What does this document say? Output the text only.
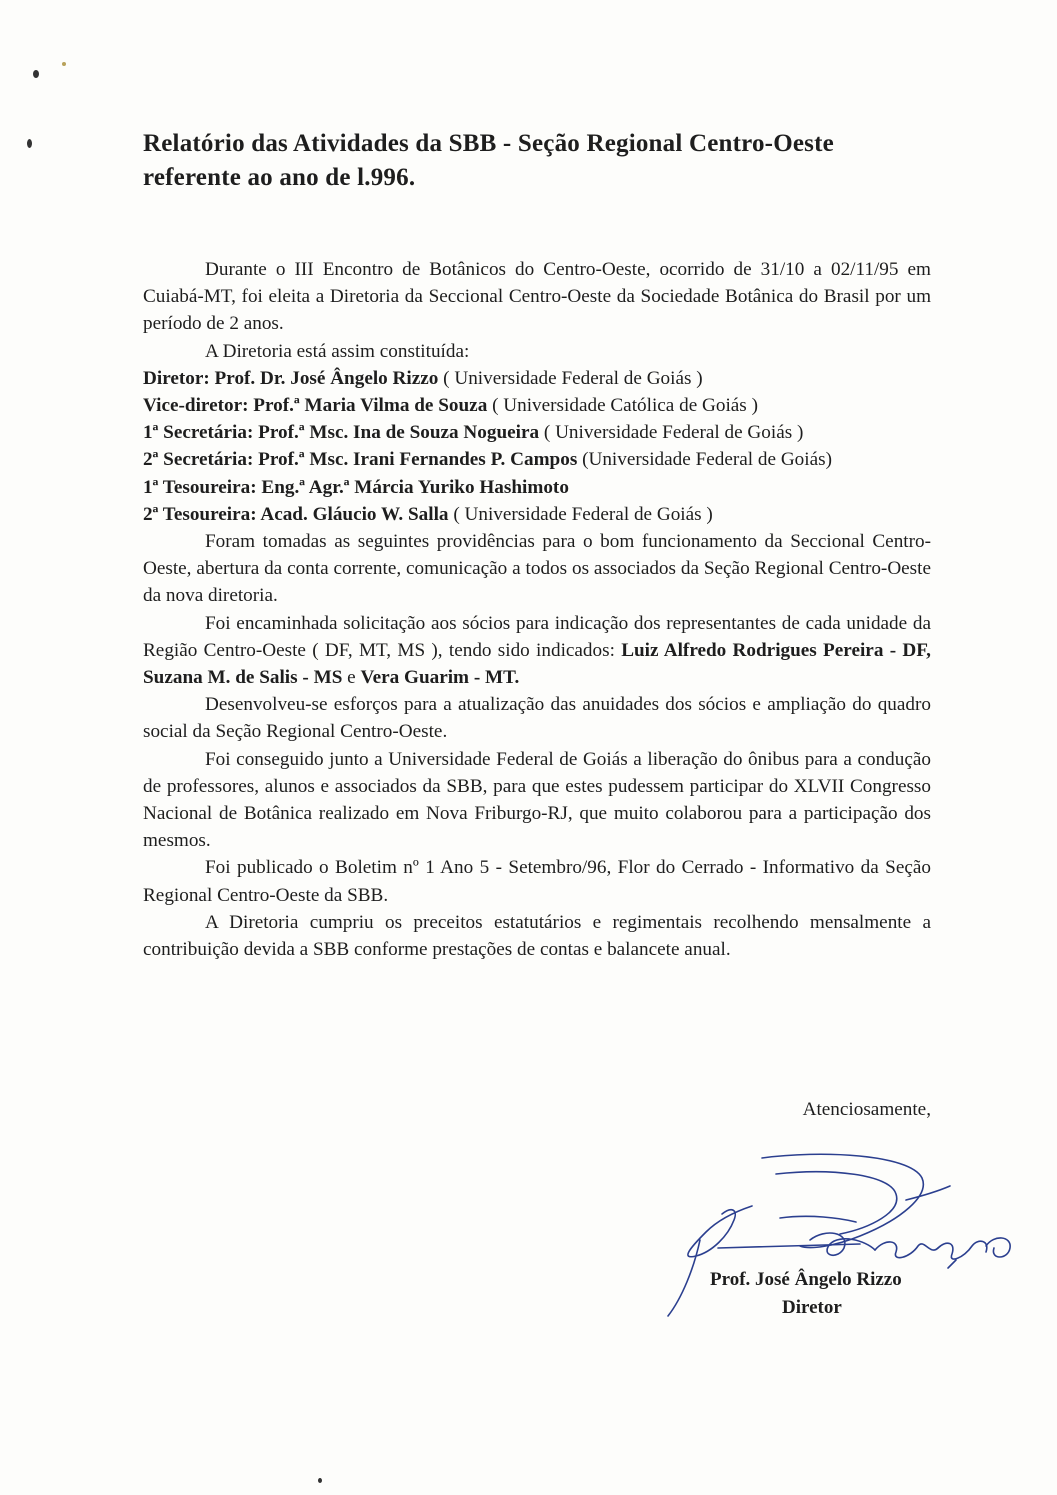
Relatório das Atividades da SBB - Seção Regional Centro-Oeste
referente ao ano de l.996.

Durante o III Encontro de Botânicos do Centro-Oeste, ocorrido de 31/10 a 02/11/95 em Cuiabá-MT, foi eleita a Diretoria da Seccional Centro-Oeste da Sociedade Botânica do Brasil por um período de 2 anos.

A Diretoria está assim constituída:

Diretor: Prof. Dr. José Ângelo Rizzo ( Universidade Federal de Goiás )

Vice-diretor: Prof.ª Maria Vilma de Souza ( Universidade Católica de Goiás )

1ª Secretária: Prof.ª Msc. Ina de Souza Nogueira ( Universidade Federal de Goiás )

2ª Secretária: Prof.ª Msc. Irani Fernandes P. Campos (Universidade Federal de Goiás)

1ª Tesoureira: Eng.ª Agr.ª Márcia Yuriko Hashimoto

2ª Tesoureira: Acad. Gláucio W. Salla ( Universidade Federal de Goiás )

Foram tomadas as seguintes providências para o bom funcionamento da Seccional Centro-Oeste, abertura da conta corrente, comunicação a todos os associados da Seção Regional Centro-Oeste da nova diretoria.

Foi encaminhada solicitação aos sócios para indicação dos representantes de cada unidade da Região Centro-Oeste ( DF, MT, MS ), tendo sido indicados: Luiz Alfredo Rodrigues Pereira - DF, Suzana M. de Salis - MS e Vera Guarim - MT.

Desenvolveu-se esforços para a atualização das anuidades dos sócios e ampliação do quadro social da Seção Regional Centro-Oeste.

Foi conseguido junto a Universidade Federal de Goiás a liberação do ônibus para a condução de professores, alunos e associados da SBB, para que estes pudessem participar do XLVII Congresso Nacional de Botânica realizado em Nova Friburgo-RJ, que muito colaborou para a participação dos mesmos.

Foi publicado o Boletim nº 1 Ano 5 - Setembro/96, Flor do Cerrado - Informativo da Seção Regional Centro-Oeste da SBB.

A Diretoria cumpriu os preceitos estatutários e regimentais recolhendo mensalmente a contribuição devida a SBB conforme prestações de contas e balancete anual.

Atenciosamente,
Prof. José Ângelo Rizzo
Diretor
